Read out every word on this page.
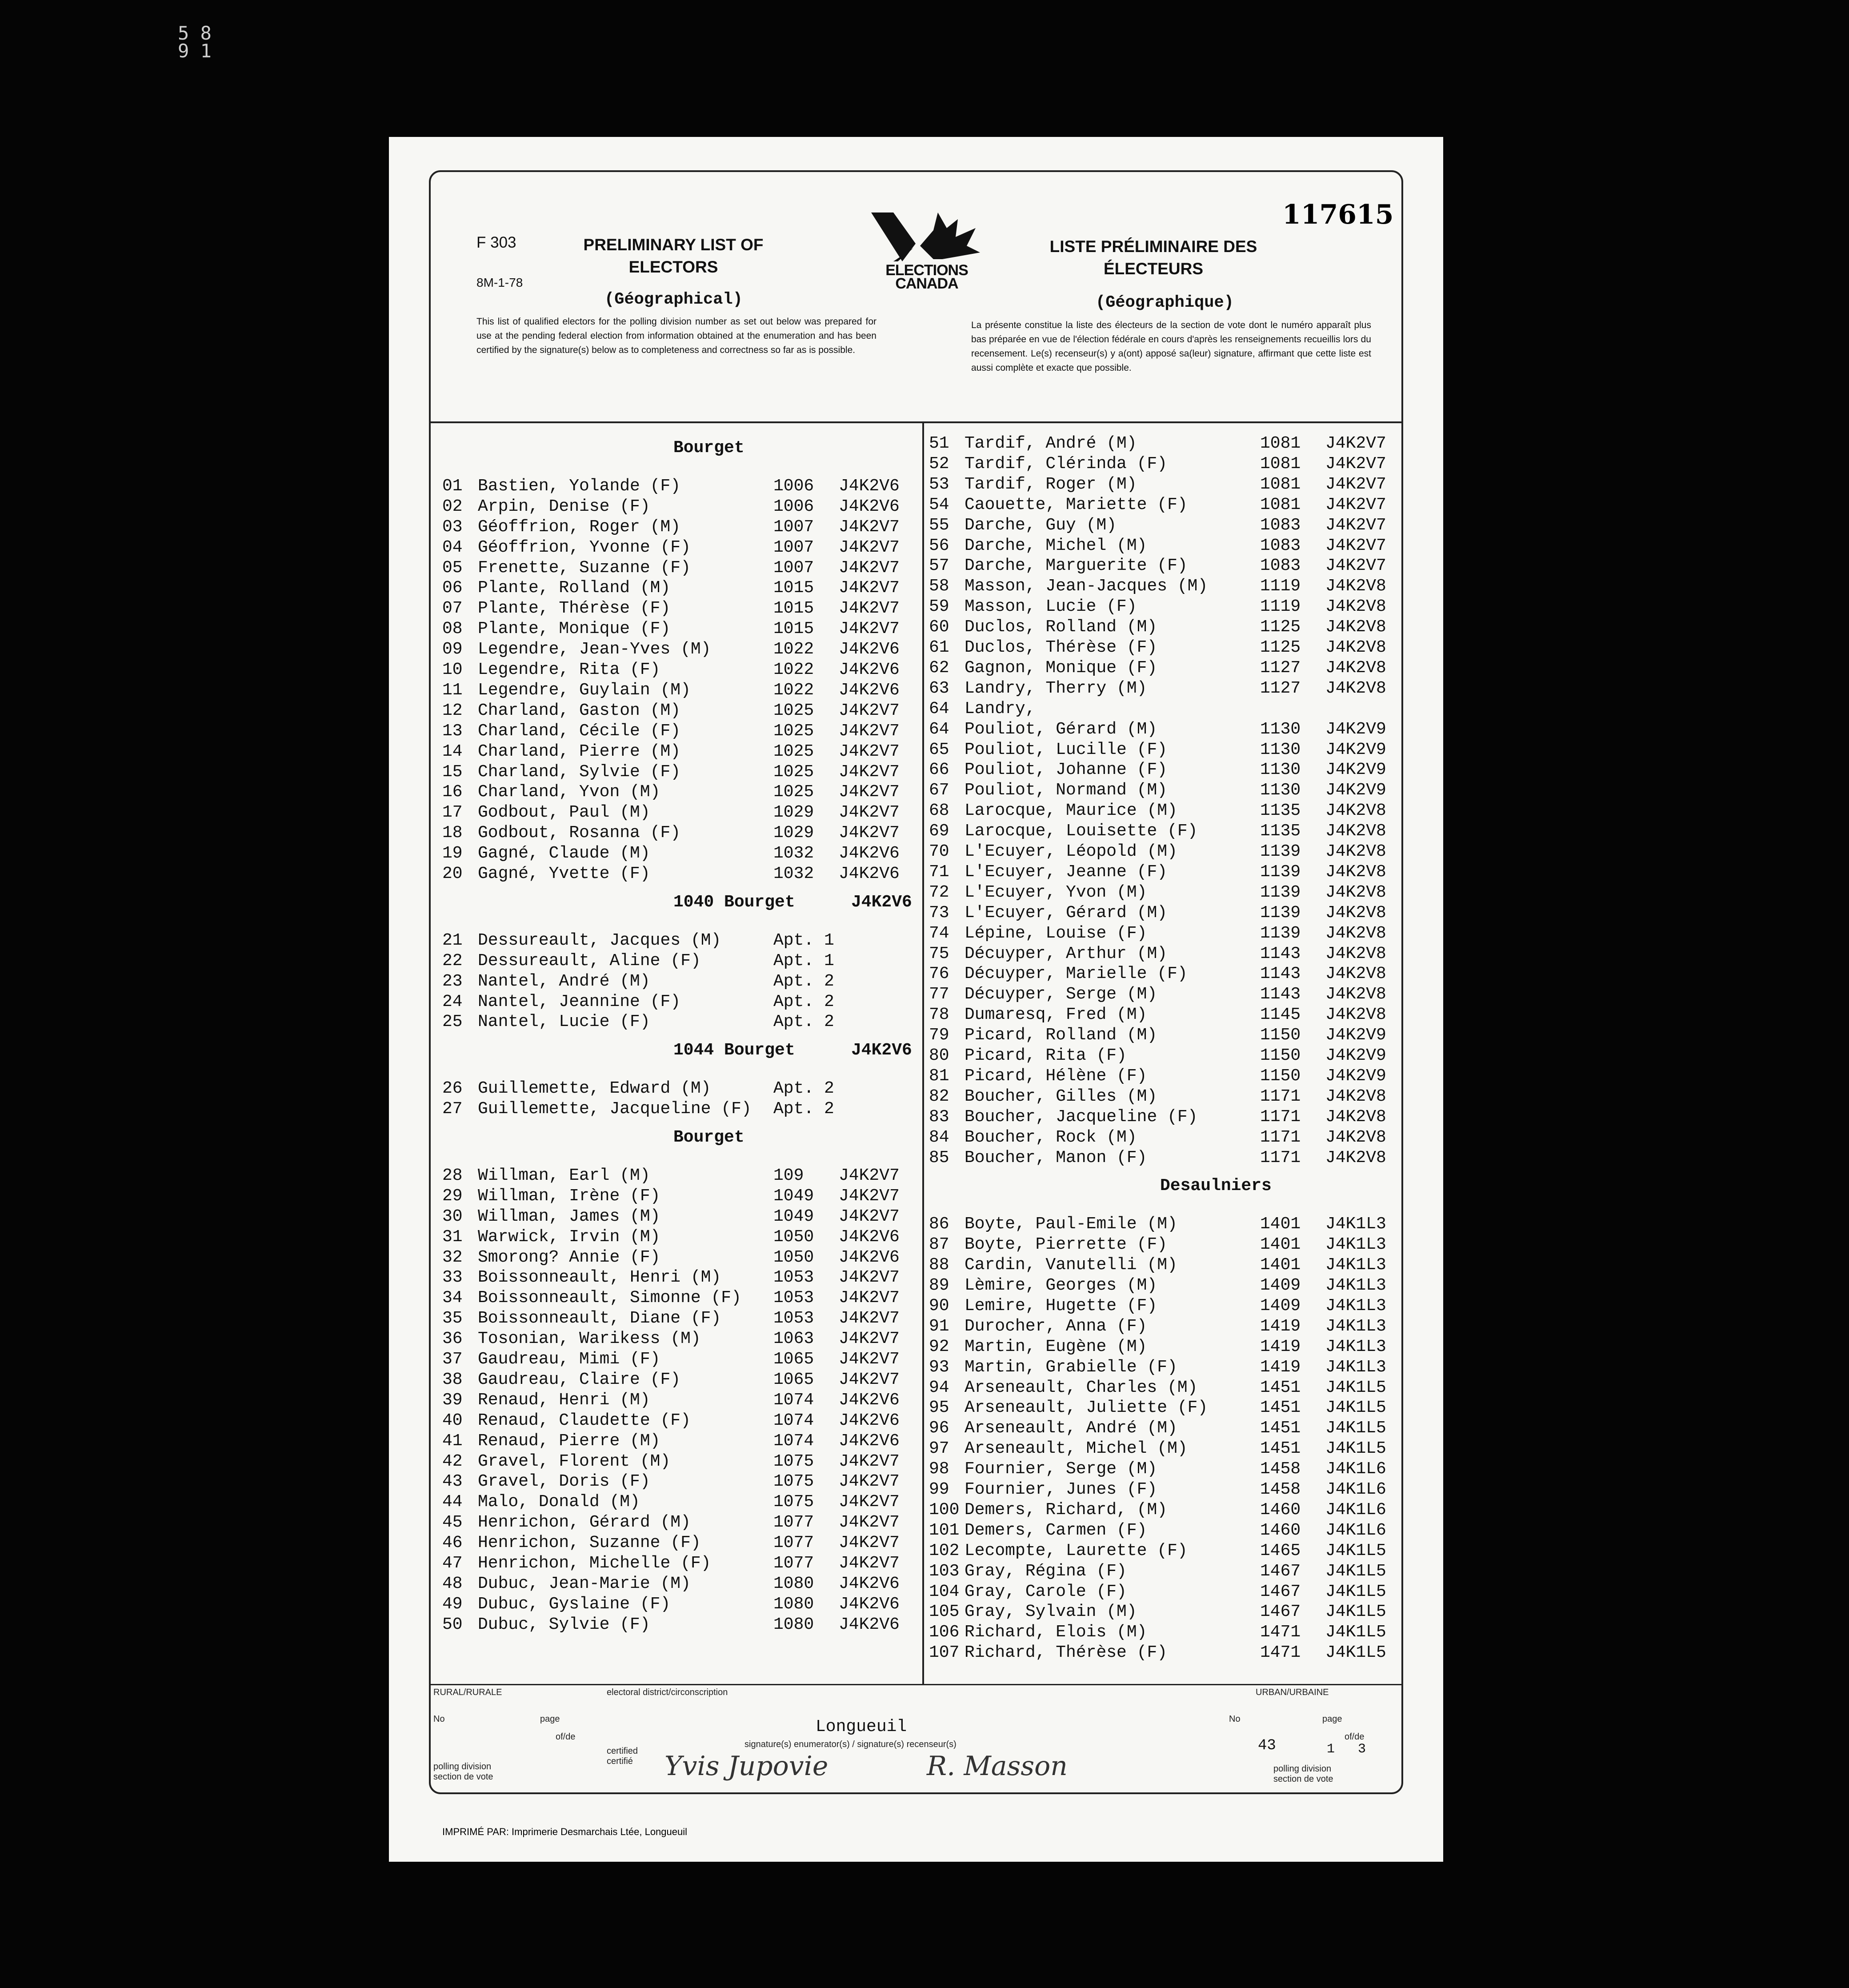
5 8
9 1
F 303
8M-1-78
117615
PRELIMINARY LIST OF
ELECTORS
(Géographical)
This list of qualified electors for the polling division number as set out below was prepared for use at the pending federal election from information obtained at the enumeration and has been certified by the signature(s) below as to completeness and correctness so far as is possible.
LISTE PRÉLIMINAIRE DES
ÉLECTEURS
(Géographique)
La présente constitue la liste des électeurs de la section de vote dont le numéro apparaît plus bas préparée en vue de l'élection fédérale en cours d'après les renseignements recueillis lors du recensement. Le(s) recenseur(s) y a(ont) apposé sa(leur) signature, affirmant que cette liste est aussi complète et exacte que possible.
ELECTIONS
CANADA
Bourget
01 Bastien, Yolande (F)	1006 J4K2V6
02 Arpin, Denise (F)	1006 J4K2V6
03 Géoffrion, Roger (M)	1007 J4K2V7
04 Géoffrion, Yvonne (F)	1007 J4K2V7
05 Frenette, Suzanne (F)	1007 J4K2V7
06 Plante, Rolland (M)	1015 J4K2V7
07 Plante, Thérèse (F)	1015 J4K2V7
08 Plante, Monique (F)	1015 J4K2V7
09 Legendre, Jean-Yves (M)	1022 J4K2V6
10 Legendre, Rita (F)	1022 J4K2V6
11 Legendre, Guylain (M)	1022 J4K2V6
12 Charland, Gaston (M)	1025 J4K2V7
13 Charland, Cécile (F)	1025 J4K2V7
14 Charland, Pierre (M)	1025 J4K2V7
15 Charland, Sylvie (F)	1025 J4K2V7
16 Charland, Yvon (M)	1025 J4K2V7
17 Godbout, Paul (M)	1029 J4K2V7
18 Godbout, Rosanna (F)	1029 J4K2V7
19 Gagné, Claude (M)	1032 J4K2V6
20 Gagné, Yvette (F)	1032 J4K2V6
1040 Bourget	J4K2V6
21 Dessureault, Jacques (M)	Apt. 1
22 Dessureault, Aline (F)	Apt. 1
23 Nantel, André (M)	Apt. 2
24 Nantel, Jeannine (F)	Apt. 2
25 Nantel, Lucie (F)	Apt. 2
1044 Bourget	J4K2V6
26 Guillemette, Edward (M)	Apt. 2
27 Guillemette, Jacqueline (F) Apt. 2
Bourget
28 Willman, Earl (M)	109 J4K2V7
29 Willman, Irène (F)	1049 J4K2V7
30 Willman, James (M)	1049 J4K2V7
31 Warwick, Irvin (M)	1050 J4K2V6
32 Smorong? Annie (F)	1050 J4K2V6
33 Boissonneault, Henri (M)	1053 J4K2V7
34 Boissonneault, Simonne (F) 1053 J4K2V7
35 Boissonneault, Diane (F)	1053 J4K2V7
36 Tosonian, Warikess (M)	1063 J4K2V7
37 Gaudreau, Mimi (F)	1065 J4K2V7
38 Gaudreau, Claire (F)	1065 J4K2V7
39 Renaud, Henri (M)	1074 J4K2V6
40 Renaud, Claudette (F)	1074 J4K2V6
41 Renaud, Pierre (M)	1074 J4K2V6
42 Gravel, Florent (M)	1075 J4K2V7
43 Gravel, Doris (F)	1075 J4K2V7
44 Malo, Donald (M)	1075 J4K2V7
45 Henrichon, Gérard (M)	1077 J4K2V7
46 Henrichon, Suzanne (F)	1077 J4K2V7
47 Henrichon, Michelle (F)	1077 J4K2V7
48 Dubuc, Jean-Marie (M)	1080 J4K2V6
49 Dubuc, Gyslaine (F)	1080 J4K2V6
50 Dubuc, Sylvie (F)	1080 J4K2V6
51 Tardif, André (M)	1081 J4K2V7
52 Tardif, Clérinda (F)	1081 J4K2V7
53 Tardif, Roger (M)	1081 J4K2V7
54 Caouette, Mariette (F)	1081 J4K2V7
55 Darche, Guy (M)	1083 J4K2V7
56 Darche, Michel (M)	1083 J4K2V7
57 Darche, Marguerite (F)	1083 J4K2V7
58 Masson, Jean-Jacques (M)	1119 J4K2V8
59 Masson, Lucie (F)	1119 J4K2V8
60 Duclos, Rolland (M)	1125 J4K2V8
61 Duclos, Thérèse (F)	1125 J4K2V8
62 Gagnon, Monique (F)	1127 J4K2V8
63 Landry, Therry (M)	1127 J4K2V8
64 Landry,
64 Pouliot, Gérard (M)	1130 J4K2V9
65 Pouliot, Lucille (F)	1130 J4K2V9
66 Pouliot, Johanne (F)	1130 J4K2V9
67 Pouliot, Normand (M)	1130 J4K2V9
68 Larocque, Maurice (M)	1135 J4K2V8
69 Larocque, Louisette (F)	1135 J4K2V8
70 L'Ecuyer, Léopold (M)	1139 J4K2V8
71 L'Ecuyer, Jeanne (F)	1139 J4K2V8
72 L'Ecuyer, Yvon (M)	1139 J4K2V8
73 L'Ecuyer, Gérard (M)	1139 J4K2V8
74 Lépine, Louise (F)	1139 J4K2V8
75 Décuyper, Arthur (M)	1143 J4K2V8
76 Décuyper, Marielle (F)	1143 J4K2V8
77 Décuyper, Serge (M)	1143 J4K2V8
78 Dumaresq, Fred (M)	1145 J4K2V8
79 Picard, Rolland (M)	1150 J4K2V9
80 Picard, Rita (F)	1150 J4K2V9
81 Picard, Hélène (F)	1150 J4K2V9
82 Boucher, Gilles (M)	1171 J4K2V8
83 Boucher, Jacqueline (F)	1171 J4K2V8
84 Boucher, Rock (M)	1171 J4K2V8
85 Boucher, Manon (F)	1171 J4K2V8
Desaulniers
86 Boyte, Paul-Emile (M)	1401 J4K1L3
87 Boyte, Pierrette (F)	1401 J4K1L3
88 Cardin, Vanutelli (M)	1401 J4K1L3
89 Lèmire, Georges (M)	1409 J4K1L3
90 Lemire, Hugette (F)	1409 J4K1L3
91 Durocher, Anna (F)	1419 J4K1L3
92 Martin, Eugène (M)	1419 J4K1L3
93 Martin, Grabielle (F)	1419 J4K1L3
94 Arseneault, Charles (M)	1451 J4K1L5
95 Arseneault, Juliette (F)	1451 J4K1L5
96 Arseneault, André (M)	1451 J4K1L5
97 Arseneault, Michel (M)	1451 J4K1L5
98 Fournier, Serge (M)	1458 J4K1L6
99 Fournier, Junes (F)	1458 J4K1L6
100 Demers, Richard, (M)	1460 J4K1L6
101 Demers, Carmen (F)	1460 J4K1L6
102 Lecompte, Laurette (F)	1465 J4K1L5
103 Gray, Régina (F)	1467 J4K1L5
104 Gray, Carole (F)	1467 J4K1L5
105 Gray, Sylvain (M)	1467 J4K1L5
106 Richard, Elois (M)	1471 J4K1L5
107 Richard, Thérèse (F)	1471 J4K1L5
RURAL/RURALE	electoral district/circonscription	URBAN/URBAINE
No	page
of/de
Longueuil
signature(s) enumerator(s) / signature(s) recenseur(s)
certified certifié
polling division section de vote
No	page
of/de
43	1 3
polling division section de vote
Yvis Jupovie	R. Masson
IMPRIMÉ PAR: Imprimerie Desmarchais Ltée, Longueuil
